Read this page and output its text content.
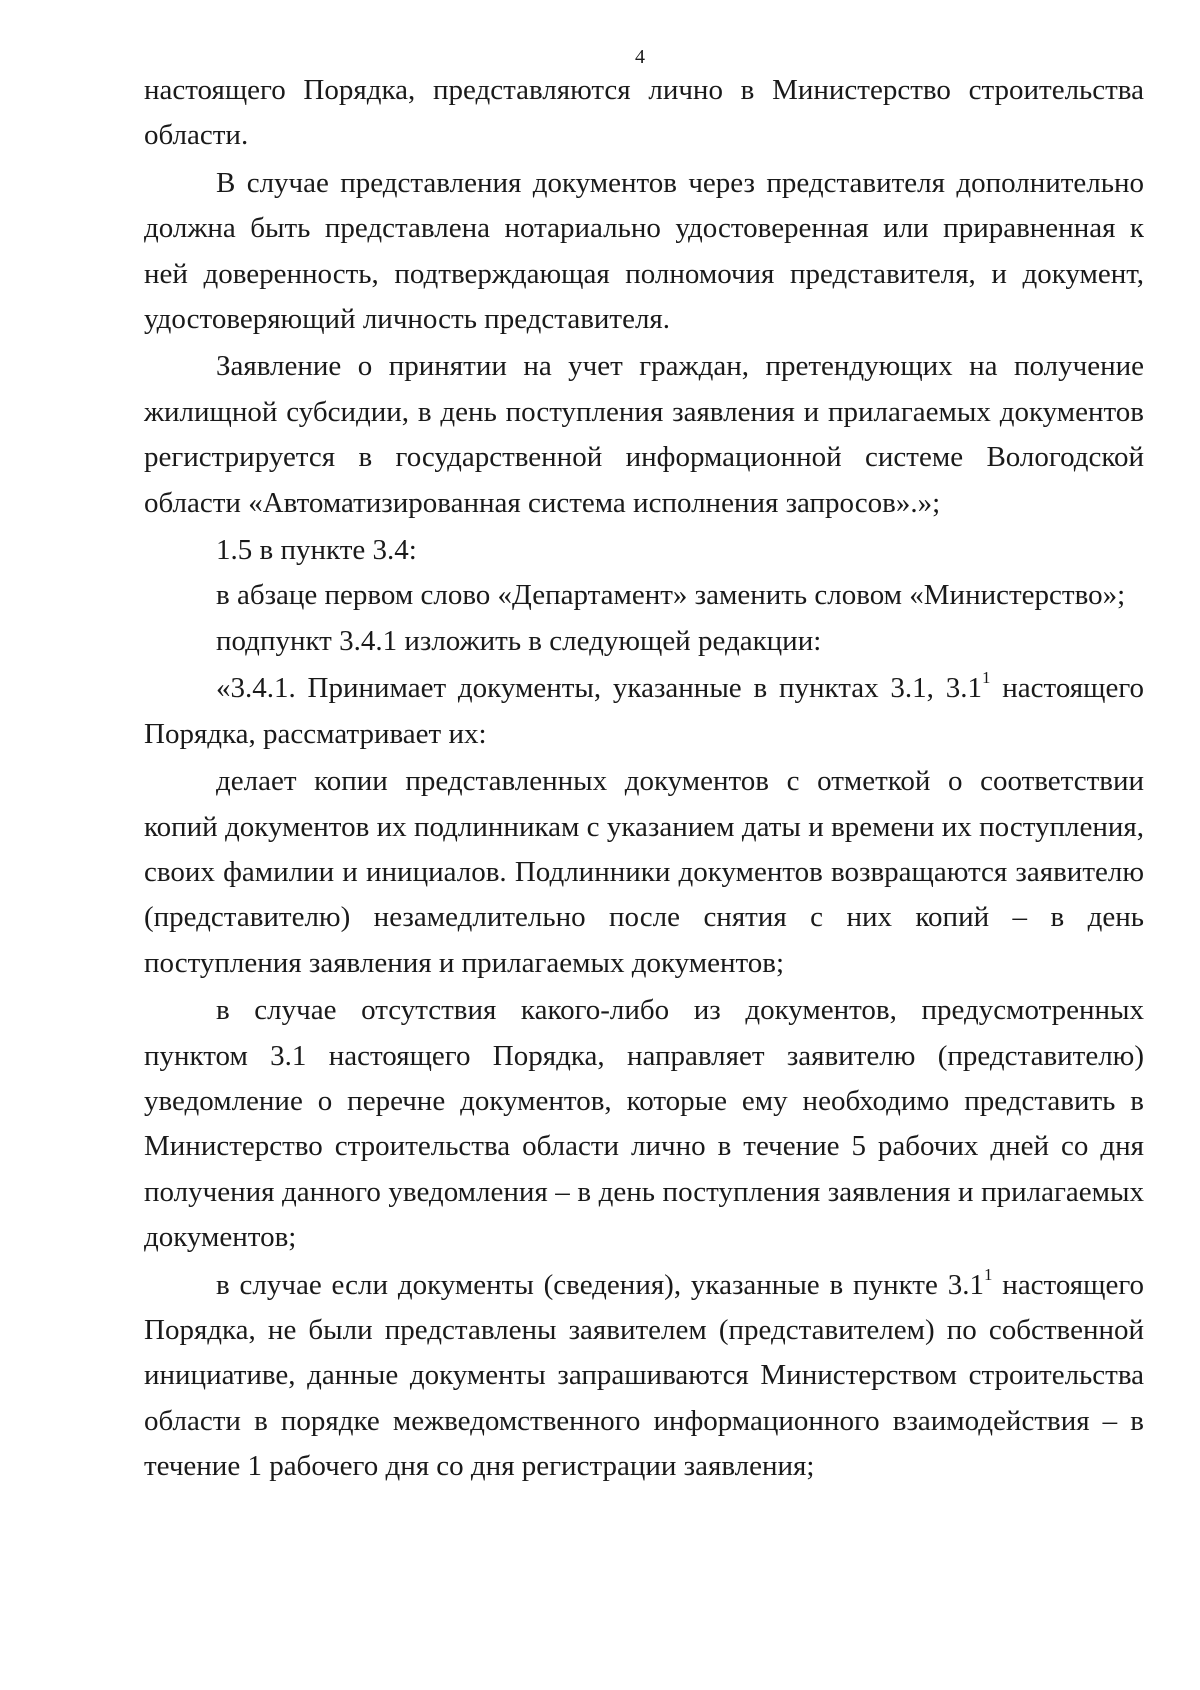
4

настоящего Порядка, представляются лично в Министерство строительства области.

В случае представления документов через представителя дополнительно должна быть представлена нотариально удостоверенная или приравненная к ней доверенность, подтверждающая полномочия представителя, и документ, удостоверяющий личность представителя.

Заявление о принятии на учет граждан, претендующих на получение жилищной субсидии, в день поступления заявления и прилагаемых документов регистрируется в государственной информационной системе Вологодской области «Автоматизированная система исполнения запросов».»;

1.5 в пункте 3.4:

в абзаце первом слово «Департамент» заменить словом «Министерство»;

подпункт 3.4.1 изложить в следующей редакции:

«3.4.1. Принимает документы, указанные в пунктах 3.1, $3.1^1$ настоящего Порядка, рассматривает их:

делает копии представленных документов с отметкой о соответствии копий документов их подлинникам с указанием даты и времени их поступления, своих фамилии и инициалов. Подлинники документов возвращаются заявителю (представителю) незамедлительно после снятия с них копий – в день поступления заявления и прилагаемых документов;

в случае отсутствия какого-либо из документов, предусмотренных пунктом 3.1 настоящего Порядка, направляет заявителю (представителю) уведомление о перечне документов, которые ему необходимо представить в Министерство строительства области лично в течение 5 рабочих дней со дня получения данного уведомления – в день поступления заявления и прилагаемых документов;

в случае если документы (сведения), указанные в пункте $3.1^1$ настоящего Порядка, не были представлены заявителем (представителем) по собственной инициативе, данные документы запрашиваются Министерством строительства области в порядке межведомственного информационного взаимодействия – в течение 1 рабочего дня со дня регистрации заявления;
